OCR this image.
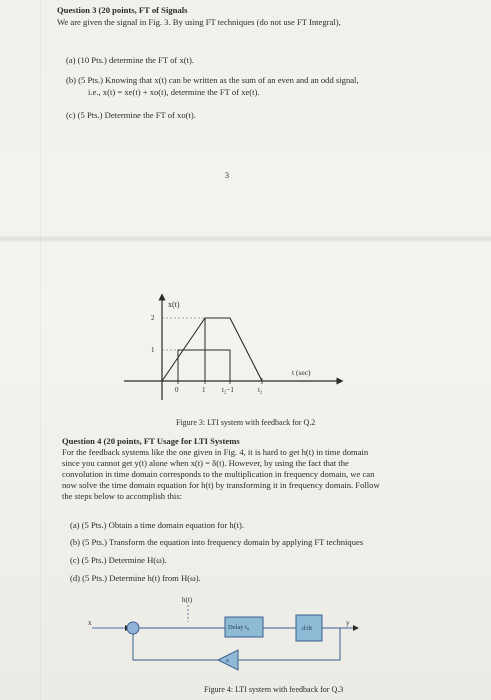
Question 3 (20 points, FT of Signals
We are given the signal in Fig. 3. By using FT techniques (do not use FT Integral),
(a) (10 Pts.) determine the FT of x(t).
(b) (5 Pts.) Knowing that x(t) can be written as the sum of an even and an odd signal,
i.e., x(t) = xe(t) + xo(t), determine the FT of xe(t).
(c) (5 Pts.) Determine the FT of xo(t).
3
x(t)
t (sec)
2
1
0	1 t₂−1	t₂
Figure 3: LTI system with feedback for Q.2
Question 4 (20 points, FT Usage for LTI Systems
For the feedback systems like the one given in Fig. 4, it is hard to get h(t) in time domain
since you cannot get y(t) alone when x(t) = δ(t). However, by using the fact that the
convolution in time domain corresponds to the multiplication in frequency domain, we can
now solve the time domain equation for h(t) by transforming it in frequency domain. Follow
the steps below to accomplish this:
(a) (5 Pts.) Obtain a time domain equation for h(t).
(b) (5 Pts.) Transform the equation into frequency domain by applying FT techniques
(c) (5 Pts.) Determine H(ω).
(d) (5 Pts.) Determine h(t) from H(ω).
h(t)
x	y
Delay t₀	d/dt
a
Figure 4: LTI system with feedback for Q.3
